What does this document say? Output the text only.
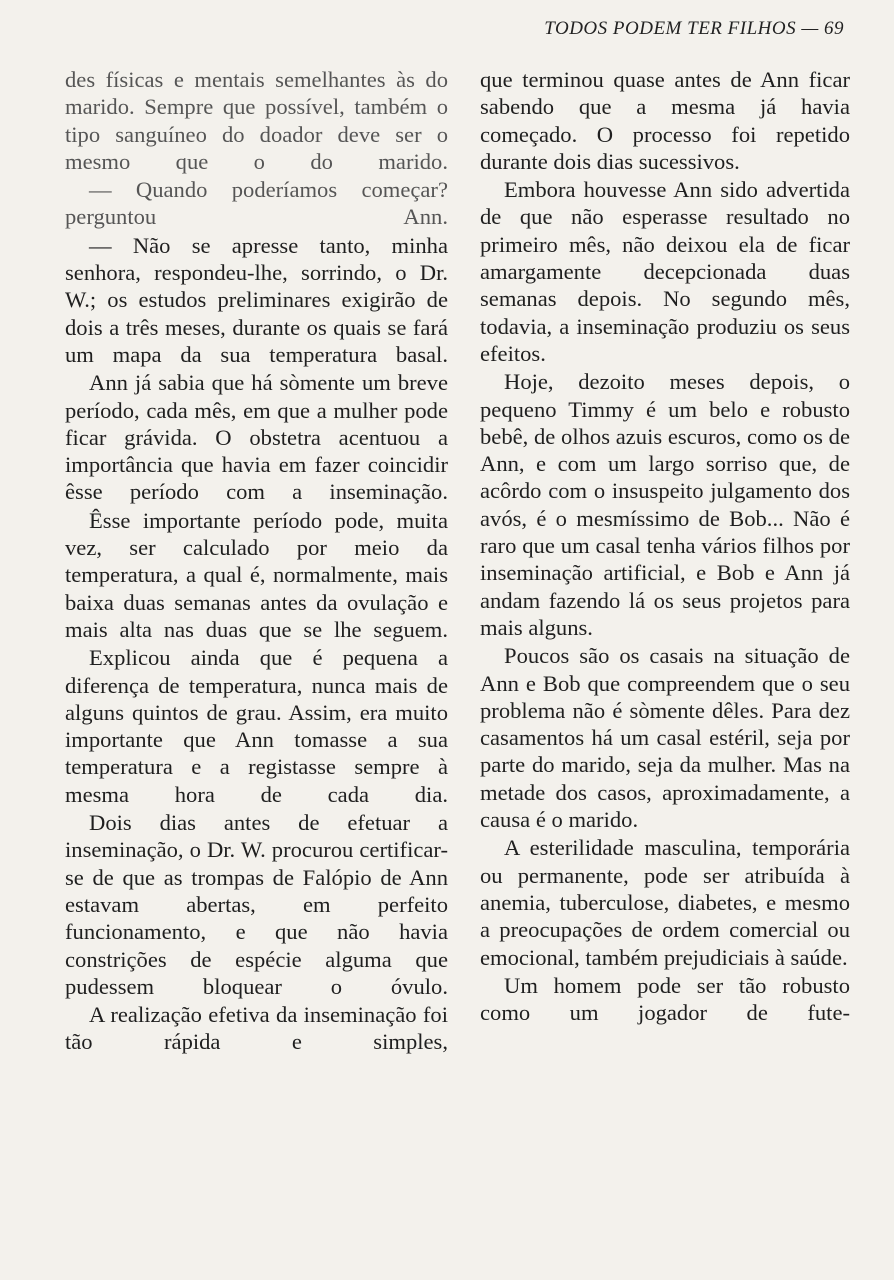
TODOS PODEM TER FILHOS — 69

des físicas e mentais semelhantes às do marido. Sempre que possível, também o tipo sanguíneo do doador deve ser o mesmo que o do marido.

— Quando poderíamos começar? perguntou Ann.

— Não se apresse tanto, minha senhora, respondeu-lhe, sorrindo, o Dr. W.; os estudos preliminares exigirão de dois a três meses, durante os quais se fará um mapa da sua temperatura basal.

Ann já sabia que há sòmente um breve período, cada mês, em que a mulher pode ficar grávida. O obstetra acentuou a importância que havia em fazer coincidir êsse período com a inseminação.

Êsse importante período pode, muita vez, ser calculado por meio da temperatura, a qual é, normalmente, mais baixa duas semanas antes da ovulação e mais alta nas duas que se lhe seguem.

Explicou ainda que é pequena a diferença de temperatura, nunca mais de alguns quintos de grau. Assim, era muito importante que Ann tomasse a sua temperatura e a registasse sempre à mesma hora de cada dia.

Dois dias antes de efetuar a inseminação, o Dr. W. procurou certificar-se de que as trompas de Falópio de Ann estavam abertas, em perfeito funcionamento, e que não havia constrições de espécie alguma que pudessem bloquear o óvulo.

A realização efetiva da inseminação foi tão rápida e simples,

que terminou quase antes de Ann ficar sabendo que a mesma já havia começado. O processo foi repetido durante dois dias sucessivos.

Embora houvesse Ann sido advertida de que não esperasse resultado no primeiro mês, não deixou ela de ficar amargamente decepcionada duas semanas depois. No segundo mês, todavia, a inseminação produziu os seus efeitos.

Hoje, dezoito meses depois, o pequeno Timmy é um belo e robusto bebê, de olhos azuis escuros, como os de Ann, e com um largo sorriso que, de acôrdo com o insuspeito julgamento dos avós, é o mesmíssimo de Bob... Não é raro que um casal tenha vários filhos por inseminação artificial, e Bob e Ann já andam fazendo lá os seus projetos para mais alguns.

Poucos são os casais na situação de Ann e Bob que compreendem que o seu problema não é sòmente dêles. Para dez casamentos há um casal estéril, seja por parte do marido, seja da mulher. Mas na metade dos casos, aproximadamente, a causa é o marido.

A esterilidade masculina, temporária ou permanente, pode ser atribuída à anemia, tuberculose, diabetes, e mesmo a preocupações de ordem comercial ou emocional, também prejudiciais à saúde.

Um homem pode ser tão robusto como um jogador de fute-
